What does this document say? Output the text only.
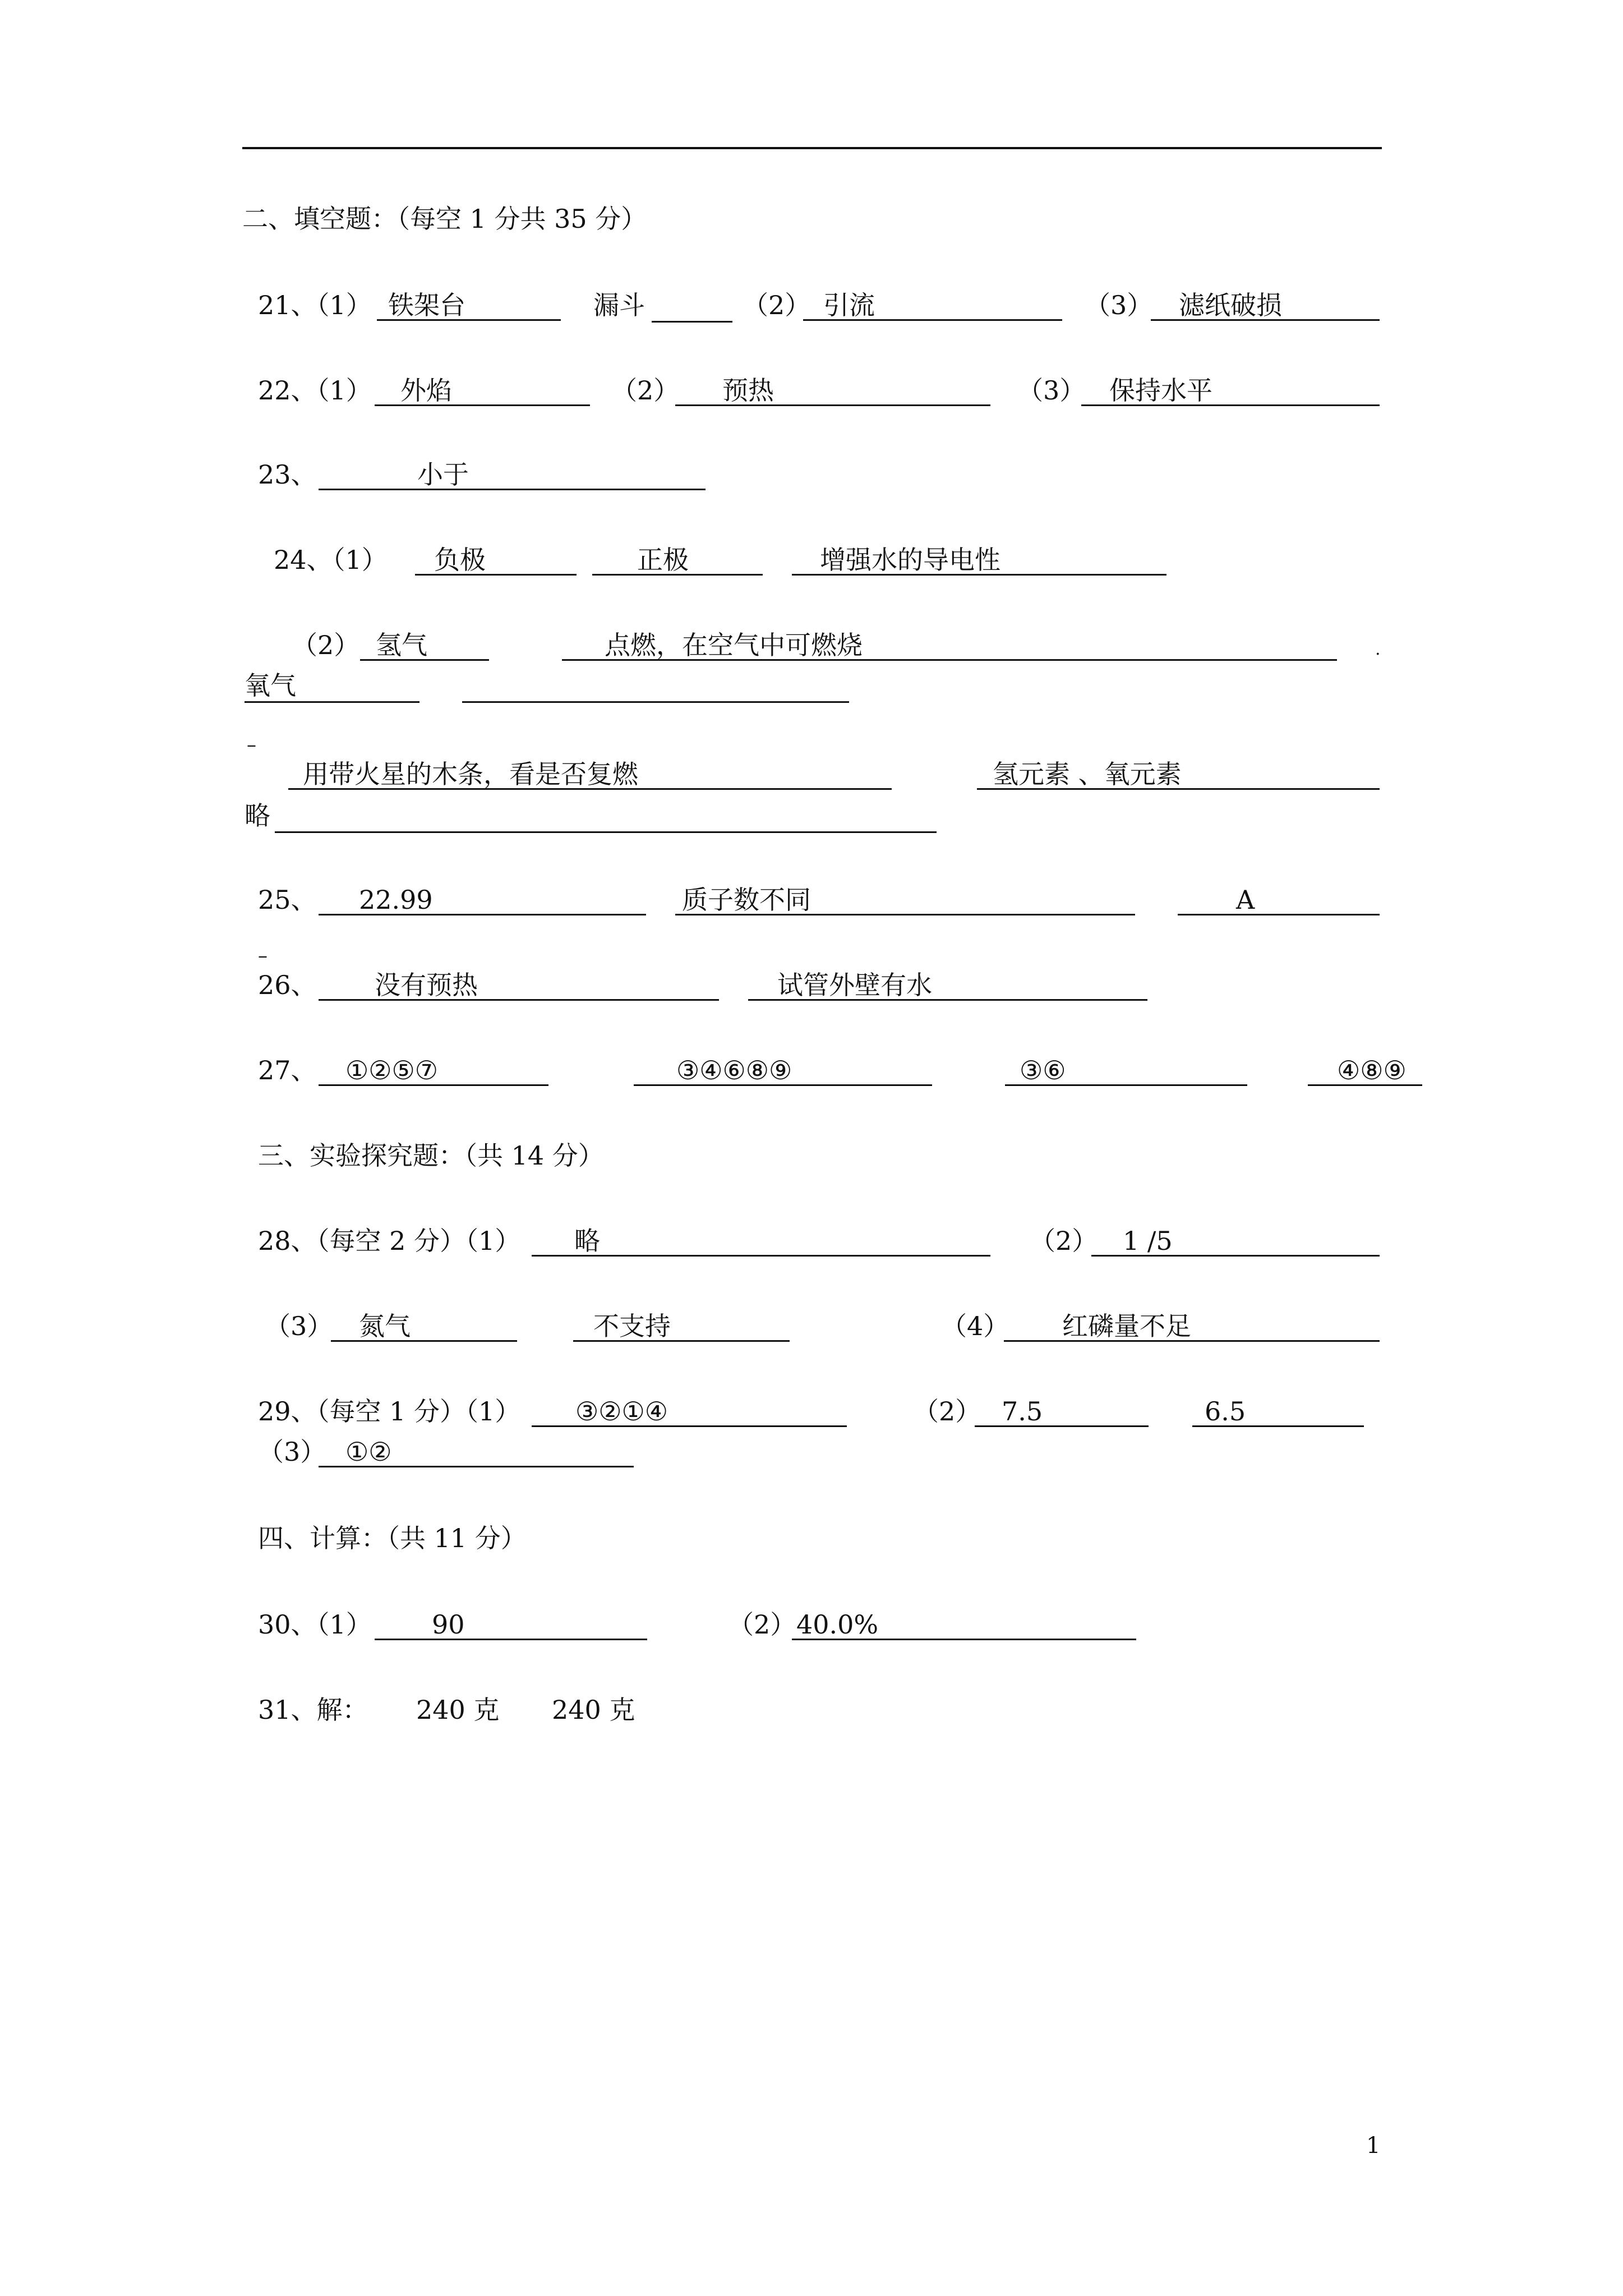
二、填空题：（每空 1 分共 35 分）
21、（1） 铁架台	漏斗	（2） 引流	（3）	滤纸破损
22、（1）	外焰	（2）	预热	（3） 保持水平
23、	小于
24、（1）	负极	正极	增强水的导电性
（2） 氢气	点燃，在空气中可燃烧	.
氧气
–
用带火星的木条，看是否复燃	氢元素 、氧元素
略
25、	22.99	质子数不同	A
–
26、	没有预热	试管外壁有水
27、	①②⑤⑦	③④⑥⑧⑨	③⑥	④⑧⑨
三、实验探究题：（共 14 分）
28、（每空 2 分）（1）	略	（2） 1 /5
（3）	氮气	不支持	（4）	红磷量不足
29、（每空 1 分）（1）	③②①④	（2） 7.5	6.5
（3） ①②
四、计算：（共 11 分）
30、（1）	90	（2） 40.0%
31、解： 240 克 240 克
1
